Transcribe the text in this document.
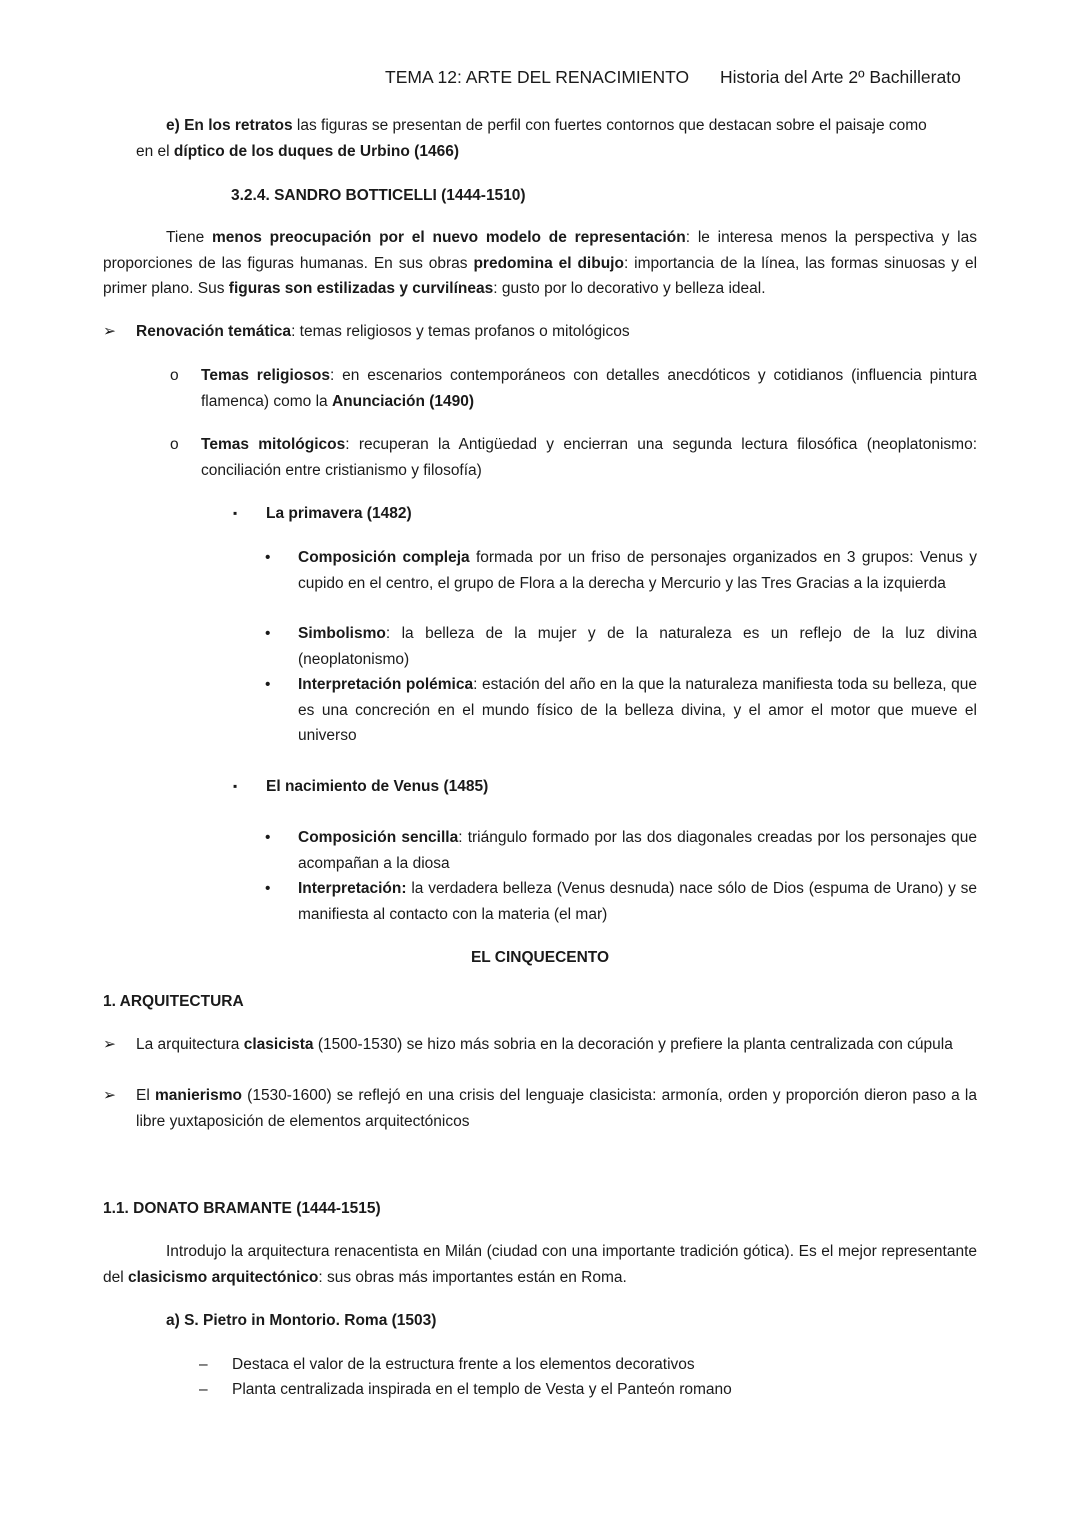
TEMA 12: ARTE DEL RENACIMIENTO Historia del Arte 2º Bachillerato
e) En los retratos las figuras se presentan de perfil con fuertes contornos que destacan sobre el paisaje como
en el díptico de los duques de Urbino (1466)
3.2.4. SANDRO BOTTICELLI (1444-1510)
Tiene menos preocupación por el nuevo modelo de representación: le interesa menos la perspectiva y las proporciones de las figuras humanas. En sus obras predomina el dibujo: importancia de la línea, las formas sinuosas y el primer plano. Sus figuras son estilizadas y curvilíneas: gusto por lo decorativo y belleza ideal.
➢ Renovación temática: temas religiosos y temas profanos o mitológicos
o Temas religiosos: en escenarios contemporáneos con detalles anecdóticos y cotidianos (influencia pintura flamenca) como la Anunciación (1490)
o Temas mitológicos: recuperan la Antigüedad y encierran una segunda lectura filosófica (neoplatonismo: conciliación entre cristianismo y filosofía)
▪ La primavera (1482)
• Composición compleja formada por un friso de personajes organizados en 3 grupos: Venus y cupido en el centro, el grupo de Flora a la derecha y Mercurio y las Tres Gracias a la izquierda
• Simbolismo: la belleza de la mujer y de la naturaleza es un reflejo de la luz divina (neoplatonismo)
• Interpretación polémica: estación del año en la que la naturaleza manifiesta toda su belleza, que es una concreción en el mundo físico de la belleza divina, y el amor el motor que mueve el universo
▪ El nacimiento de Venus (1485)
• Composición sencilla: triángulo formado por las dos diagonales creadas por los personajes que acompañan a la diosa
• Interpretación: la verdadera belleza (Venus desnuda) nace sólo de Dios (espuma de Urano) y se manifiesta al contacto con la materia (el mar)
EL CINQUECENTO
1. ARQUITECTURA
➢ La arquitectura clasicista (1500-1530) se hizo más sobria en la decoración y prefiere la planta centralizada con cúpula
➢ El manierismo (1530-1600) se reflejó en una crisis del lenguaje clasicista: armonía, orden y proporción dieron paso a la libre yuxtaposición de elementos arquitectónicos
1.1. DONATO BRAMANTE (1444-1515)
Introdujo la arquitectura renacentista en Milán (ciudad con una importante tradición gótica). Es el mejor representante del clasicismo arquitectónico: sus obras más importantes están en Roma.
a) S. Pietro in Montorio. Roma (1503)
– Destaca el valor de la estructura frente a los elementos decorativos
– Planta centralizada inspirada en el templo de Vesta y el Panteón romano
